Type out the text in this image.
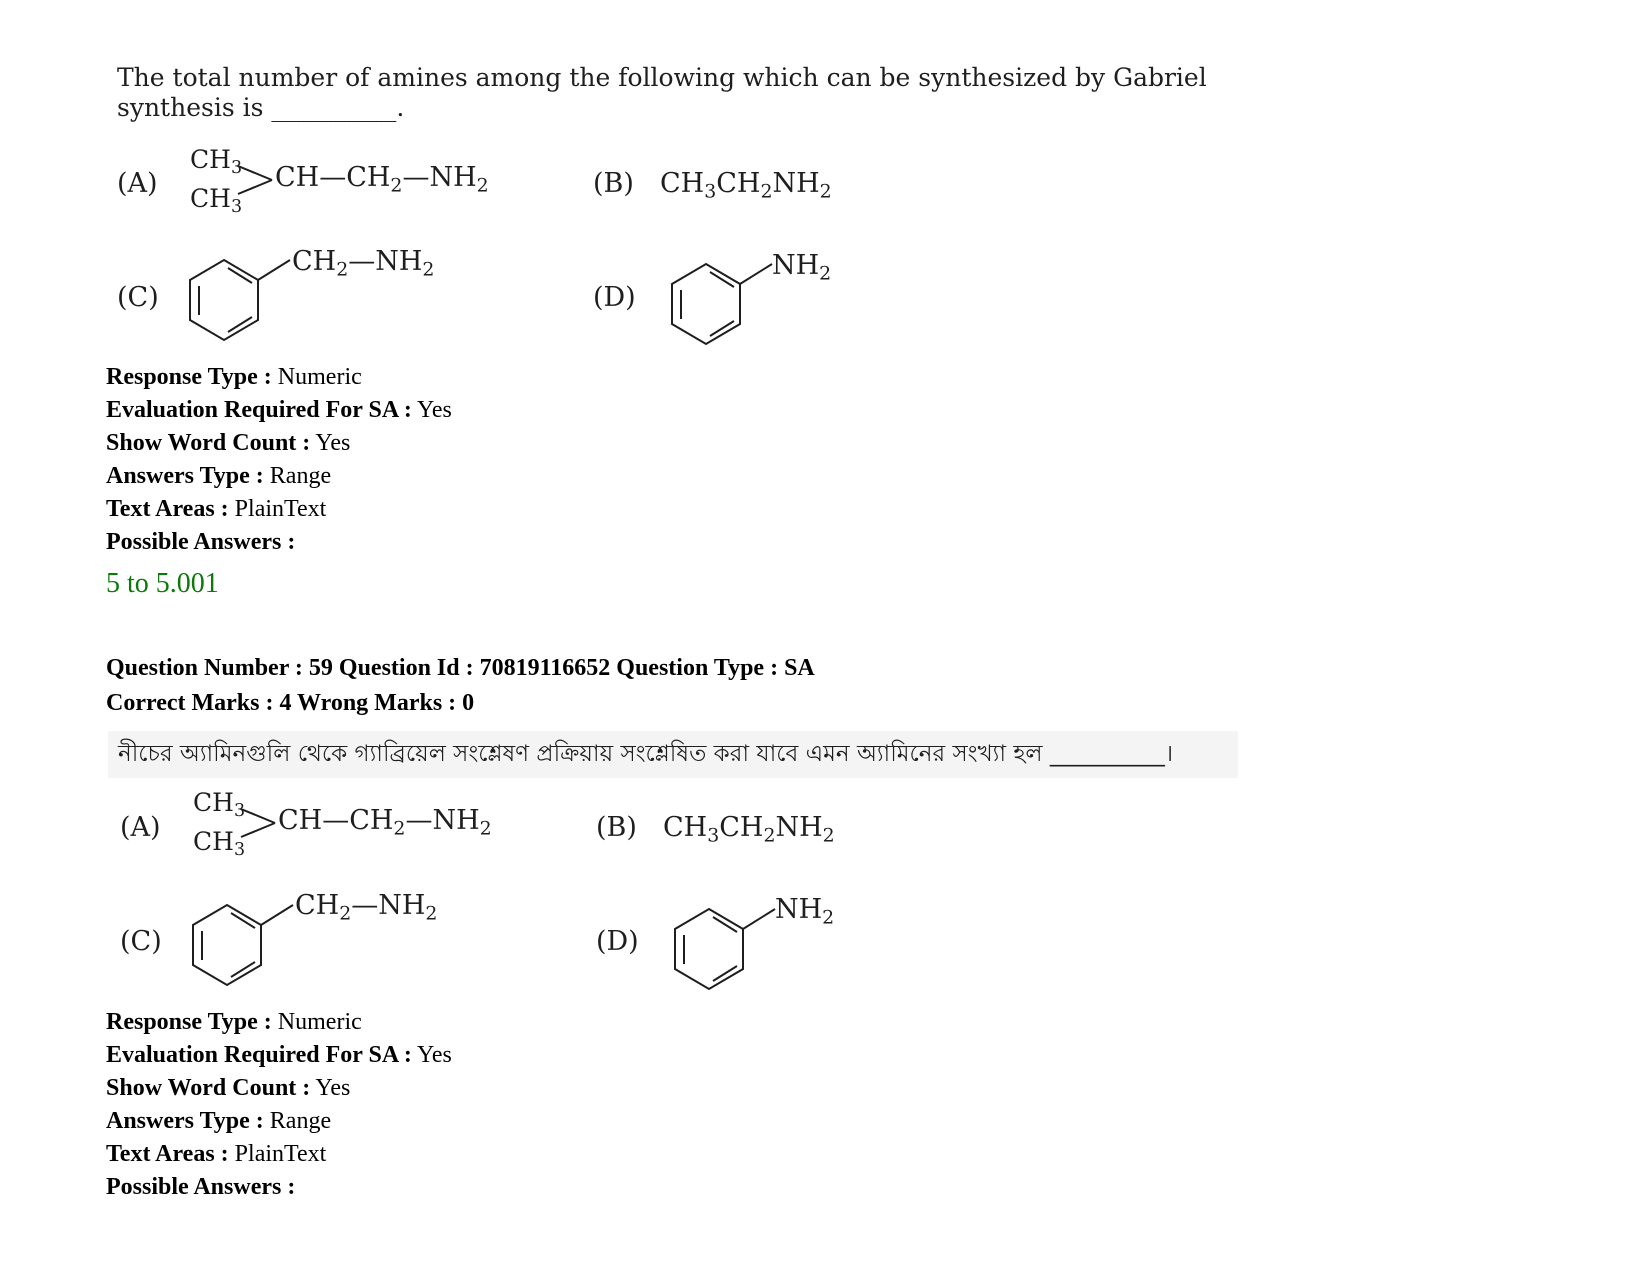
The total number of amines among the following which can be synthesized by Gabriel
synthesis is __________.
(A)
$CH_3$
$CH_3$
$CH—CH_2—NH_2$	(B) $CH_3CH_2NH_2$
(C)
$CH_2—NH_2$
(D)
$NH_2$
Response Type : Numeric
Evaluation Required For SA : Yes
Show Word Count : Yes
Answers Type : Range
Text Areas : PlainText
Possible Answers :
5 to 5.001
Question Number : 59 Question Id : 70819116652 Question Type : SA
Correct Marks : 4 Wrong Marks : 0
নীচের অ্যামিনগুলি থেকে গ্যাব্রিয়েল সংশ্লেষণ প্রক্রিয়ায় সংশ্লেষিত করা যাবে এমন অ্যামিনের সংখ্যা হল __________।
(A)
$CH_3$
$CH_3$
$CH—CH_2—NH_2$	(B) $CH_3CH_2NH_2$
(C)
$CH_2—NH_2$
(D)
$NH_2$
Response Type : Numeric
Evaluation Required For SA : Yes
Show Word Count : Yes
Answers Type : Range
Text Areas : PlainText
Possible Answers :
